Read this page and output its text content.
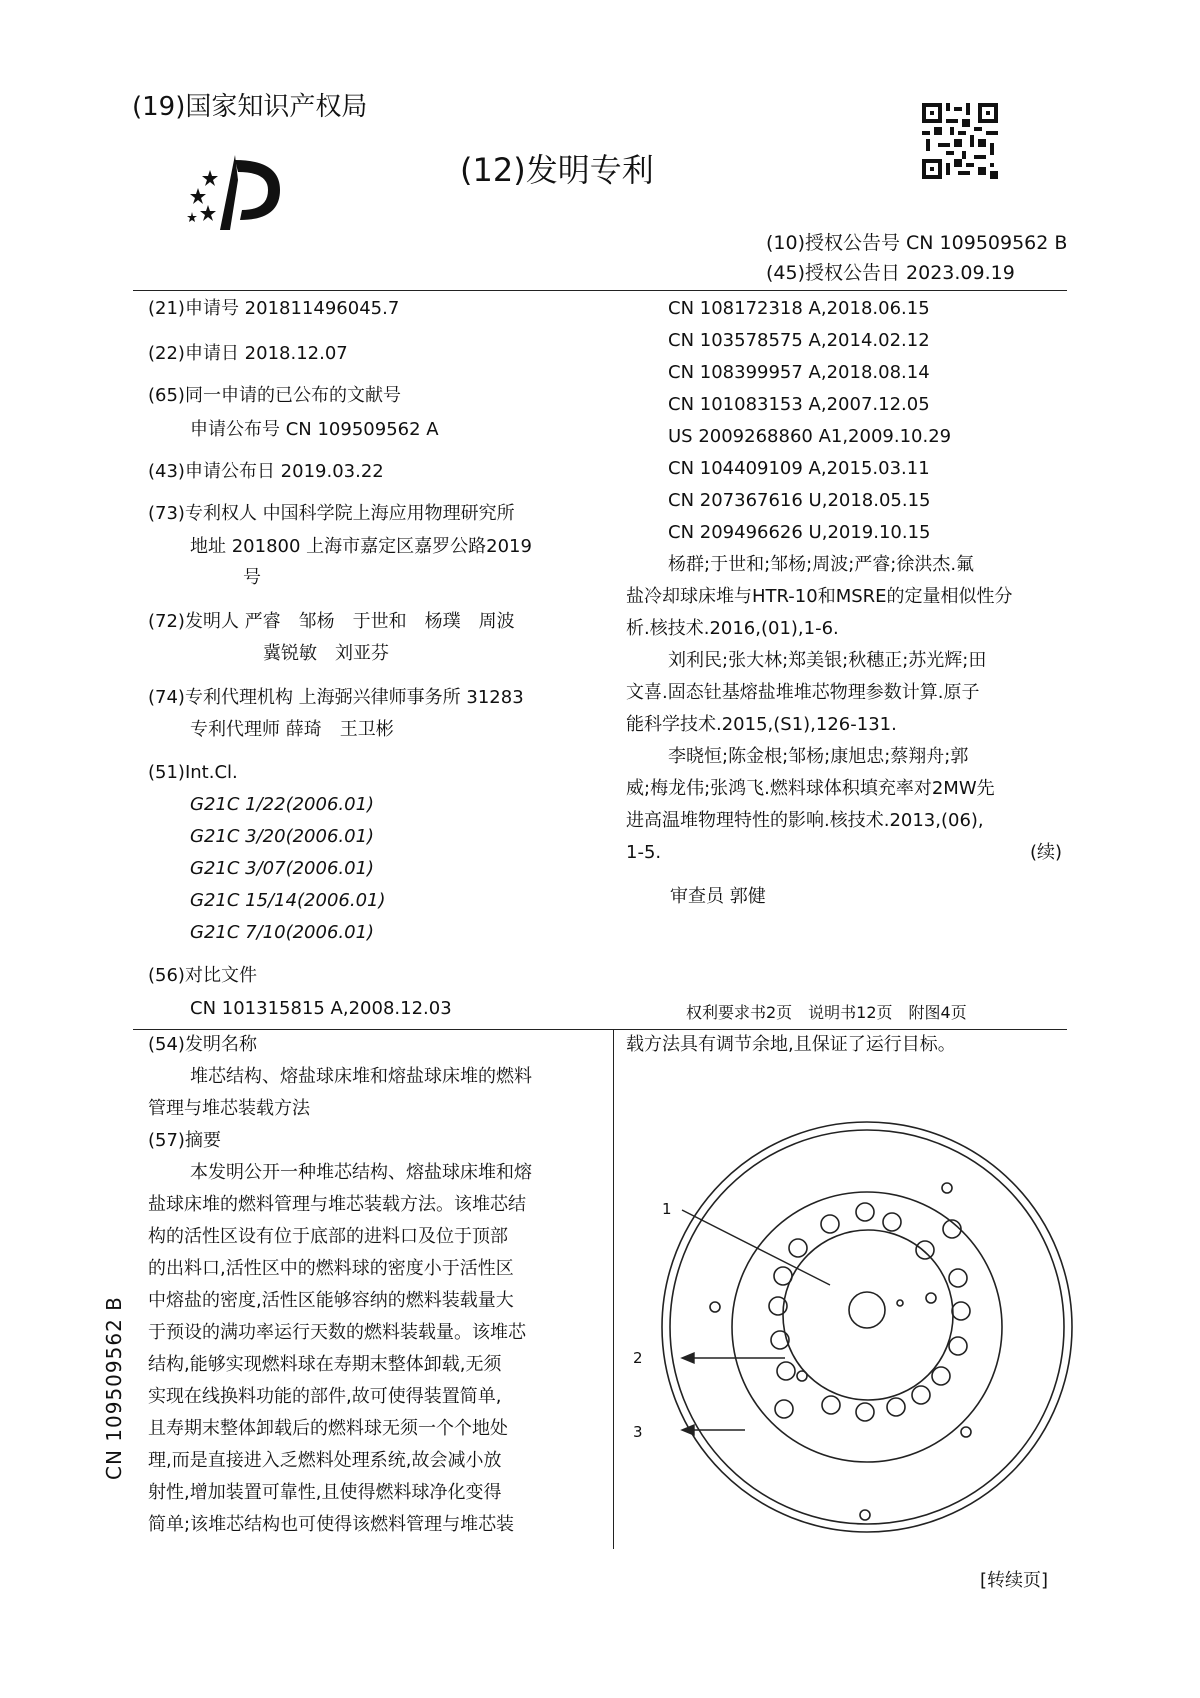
(19)国家知识产权局
(12)发明专利
(10)授权公告号 CN 109509562 B
(45)授权公告日 2023.09.19
(21)申请号 201811496045.7
(22)申请日 2018.12.07
(65)同一申请的已公布的文献号
申请公布号 CN 109509562 A
(43)申请公布日 2019.03.22
(73)专利权人 中国科学院上海应用物理研究所
地址 201800 上海市嘉定区嘉罗公路2019
号
(72)发明人 严睿　邹杨　于世和　杨璞　周波
冀锐敏　刘亚芬
(74)专利代理机构 上海弼兴律师事务所 31283
专利代理师 薛琦　王卫彬
(51)Int.Cl.
G21C 1/22(2006.01)
G21C 3/20(2006.01)
G21C 3/07(2006.01)
G21C 15/14(2006.01)
G21C 7/10(2006.01)
(56)对比文件
CN 101315815 A,2008.12.03
CN 108172318 A,2018.06.15
CN 103578575 A,2014.02.12
CN 108399957 A,2018.08.14
CN 101083153 A,2007.12.05
US 2009268860 A1,2009.10.29
CN 104409109 A,2015.03.11
CN 207367616 U,2018.05.15
CN 209496626 U,2019.10.15
杨群;于世和;邹杨;周波;严睿;徐洪杰.氟
盐冷却球床堆与HTR-10和MSRE的定量相似性分
析.核技术.2016,(01),1-6.
刘利民;张大林;郑美银;秋穗正;苏光辉;田
文喜.固态钍基熔盐堆堆芯物理参数计算.原子
能科学技术.2015,(S1),126-131.
李晓恒;陈金根;邹杨;康旭忠;蔡翔舟;郭
威;梅龙伟;张鸿飞.燃料球体积填充率对2MW先
进高温堆物理特性的影响.核技术.2013,(06),
1-5.	(续)
审查员 郭健
权利要求书2页　说明书12页　附图4页
(54)发明名称
堆芯结构、熔盐球床堆和熔盐球床堆的燃料
管理与堆芯装载方法
(57)摘要
本发明公开一种堆芯结构、熔盐球床堆和熔
盐球床堆的燃料管理与堆芯装载方法。该堆芯结
构的活性区设有位于底部的进料口及位于顶部
的出料口,活性区中的燃料球的密度小于活性区
中熔盐的密度,活性区能够容纳的燃料装载量大
于预设的满功率运行天数的燃料装载量。该堆芯
结构,能够实现燃料球在寿期末整体卸载,无须
实现在线换料功能的部件,故可使得装置简单,
且寿期末整体卸载后的燃料球无须一个个地处
理,而是直接进入乏燃料处理系统,故会减小放
射性,增加装置可靠性,且使得燃料球净化变得
简单;该堆芯结构也可使得该燃料管理与堆芯装
载方法具有调节余地,且保证了运行目标。
CN 109509562 B
1
2
3
[转续页]
